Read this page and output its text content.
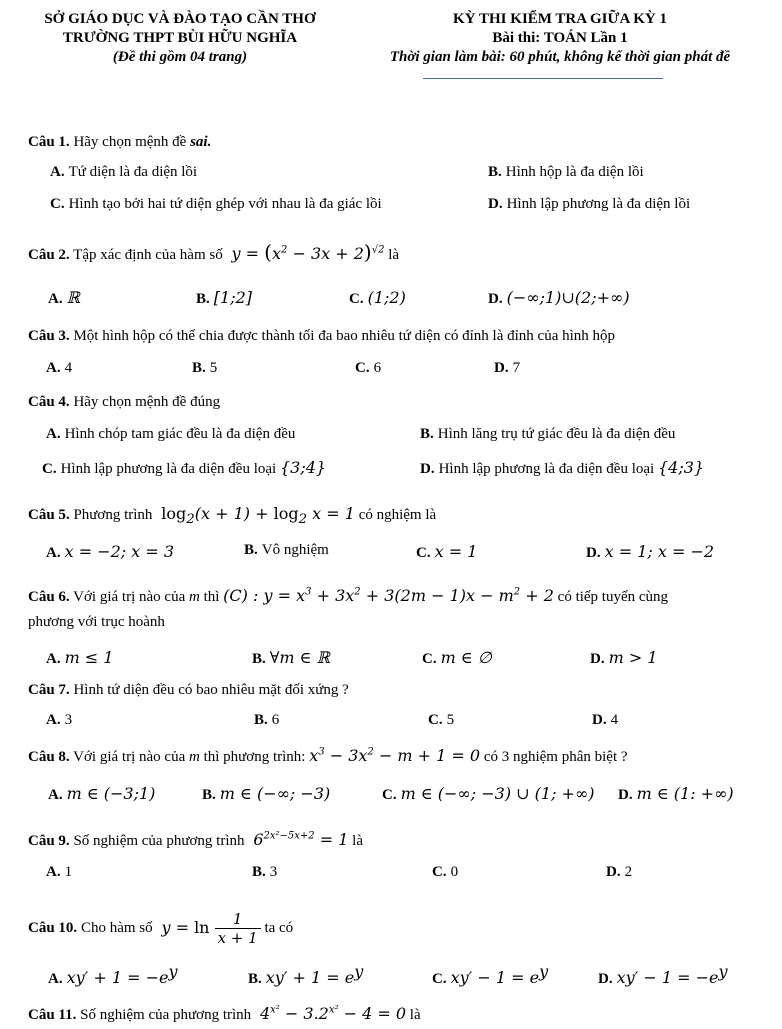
SỞ GIÁO DỤC VÀ ĐÀO TẠO CẦN THƠ
TRƯỜNG THPT BÙI HỮU NGHĨA
(Đề thi gồm 04 trang)
KỲ THI KIỂM TRA GIỮA KỲ 1
Bài thi: TOÁN Lần 1
Thời gian làm bài: 60 phút, không kể thời gian phát đề
Câu 1. Hãy chọn mệnh đề sai.
A. Tứ diện là đa diện lồi	B. Hình hộp là đa diện lồi
C. Hình tạo bởi hai tứ diện ghép với nhau là đa giác lồi	D. Hình lập phương là đa diện lồi
Câu 2. Tập xác định của hàm số  $y = (x^2 - 3x + 2)^{√2}$ là
A. ℝ	B. [1;2]	C. (1;2)	D. (−∞;1)∪(2;+∞)
Câu 3. Một hình hộp có thể chia được thành tối đa bao nhiêu tứ diện có đỉnh là đỉnh của hình hộp
A. 4	B. 5	C. 6	D. 7
Câu 4. Hãy chọn mệnh đề đúng
A. Hình chóp tam giác đều là đa diện đều	B. Hình lăng trụ tứ giác đều là đa diện đều
C. Hình lập phương là đa diện đều loại {3;4}	D. Hình lập phương là đa diện đều loại {4;3}
Câu 5. Phương trình $\log_2(x + 1) + \log_2 x = 1$ có nghiệm là
A. x = −2; x = 3	B. Vô nghiệm	C. x = 1	D. x = 1; x = −2
Câu 6. Với giá trị nào của m thì (C) : $y = x^3 + 3x^2 + 3(2m - 1)x - m^2 + 2$ có tiếp tuyến cùng
phương với trục hoành
A. m ≤ 1	B. ∀m ∈ ℝ	C. m ∈ ∅	D. m > 1
Câu 7. Hình tứ diện đều có bao nhiêu mặt đối xứng ?
A. 3	B. 6	C. 5	D. 4
Câu 8. Với giá trị nào của m thì phương trình: $x^3 - 3x^2 - m + 1 = 0$ có 3 nghiệm phân biệt ?
A. m ∈ (−3;1)	B. m ∈ (−∞; −3)	C. m ∈ (−∞; −3) ∪ (1; +∞) D. m ∈ (1: +∞)
Câu 9. Số nghiệm của phương trình  $6^{2x^2-5x+2} = 1$ là
A. 1	B. 3	C. 0	D. 2
Câu 10. Cho hàm số  $y = \ln \frac{1}{x + 1}$ ta có
A. $xy' + 1 = -e^y$	B. $xy' + 1 = e^y$	C. $xy' - 1 = e^y$	D. $xy' - 1 = -e^y$
Câu 11. Số nghiệm của phương trình  $4^{x^2} - 3.2^{x^2} - 4 = 0$ là
